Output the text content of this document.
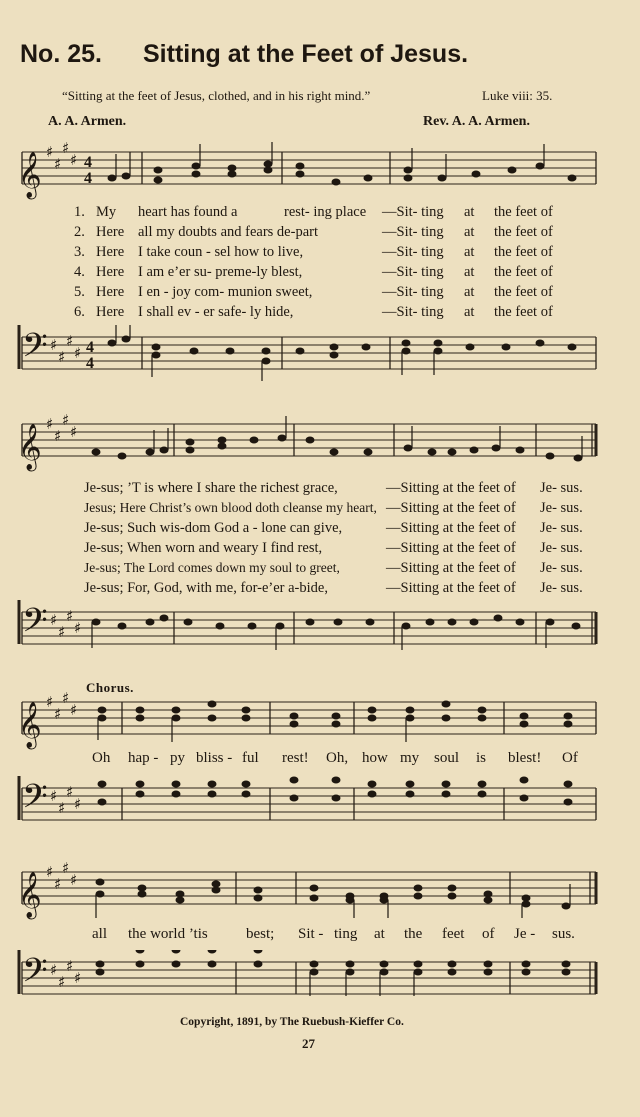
No. 25. Sitting at the Feet of Jesus.
“Sitting at the feet of Jesus, clothed, and in his right mind.”	Luke viii: 35.
A. A. Armen.	Rev. A. A. Armen.
𝄞 ♯
♯
♯
♯ 4
4
1. My heart has found a	rest- ing place —Sit- ting at the feet of
2. Here all my doubts and fears de-part	—Sit- ting at the feet of
3. Here I take coun - sel how to live,	—Sit- ting at the feet of
4. Here I am e’er su- preme-ly blest,	—Sit- ting at the feet of
5. Here I en - joy com- munion sweet,	—Sit- ting at the feet of
6. Here I shall ev - er safe- ly hide,	—Sit- ting at the feet of
𝄢 ♯
♯
♯
♯ 4
4
𝄞 ♯
♯
♯
♯
Je-sus; ’T is where I share the richest grace,	—Sitting at the feet of Je- sus.
Jesus; Here Christ’s own blood doth cleanse my heart, —Sitting at the feet of Je- sus.
Je-sus; Such wis-dom God a - lone can give,	—Sitting at the feet of Je- sus.
Je-sus; When worn and weary I find rest,	—Sitting at the feet of Je- sus.
Je-sus; The Lord comes down my soul to greet,	—Sitting at the feet of Je- sus.
Je-sus; For, God, with me, for-e’er a-bide,	—Sitting at the feet of Je- sus.
𝄢 ♯
♯
♯
♯
Chorus.
𝄞 ♯
♯
♯
♯
Oh hap - py bliss - ful rest! Oh, how my soul is blest! Of
𝄢 ♯
♯
♯
♯
𝄞 ♯
♯
♯
♯
all the world ’tis	best; Sit - ting at the feet of Je - sus.
𝄢 ♯
♯
♯
♯
Copyright, 1891, by The Ruebush-Kieffer Co.
27
